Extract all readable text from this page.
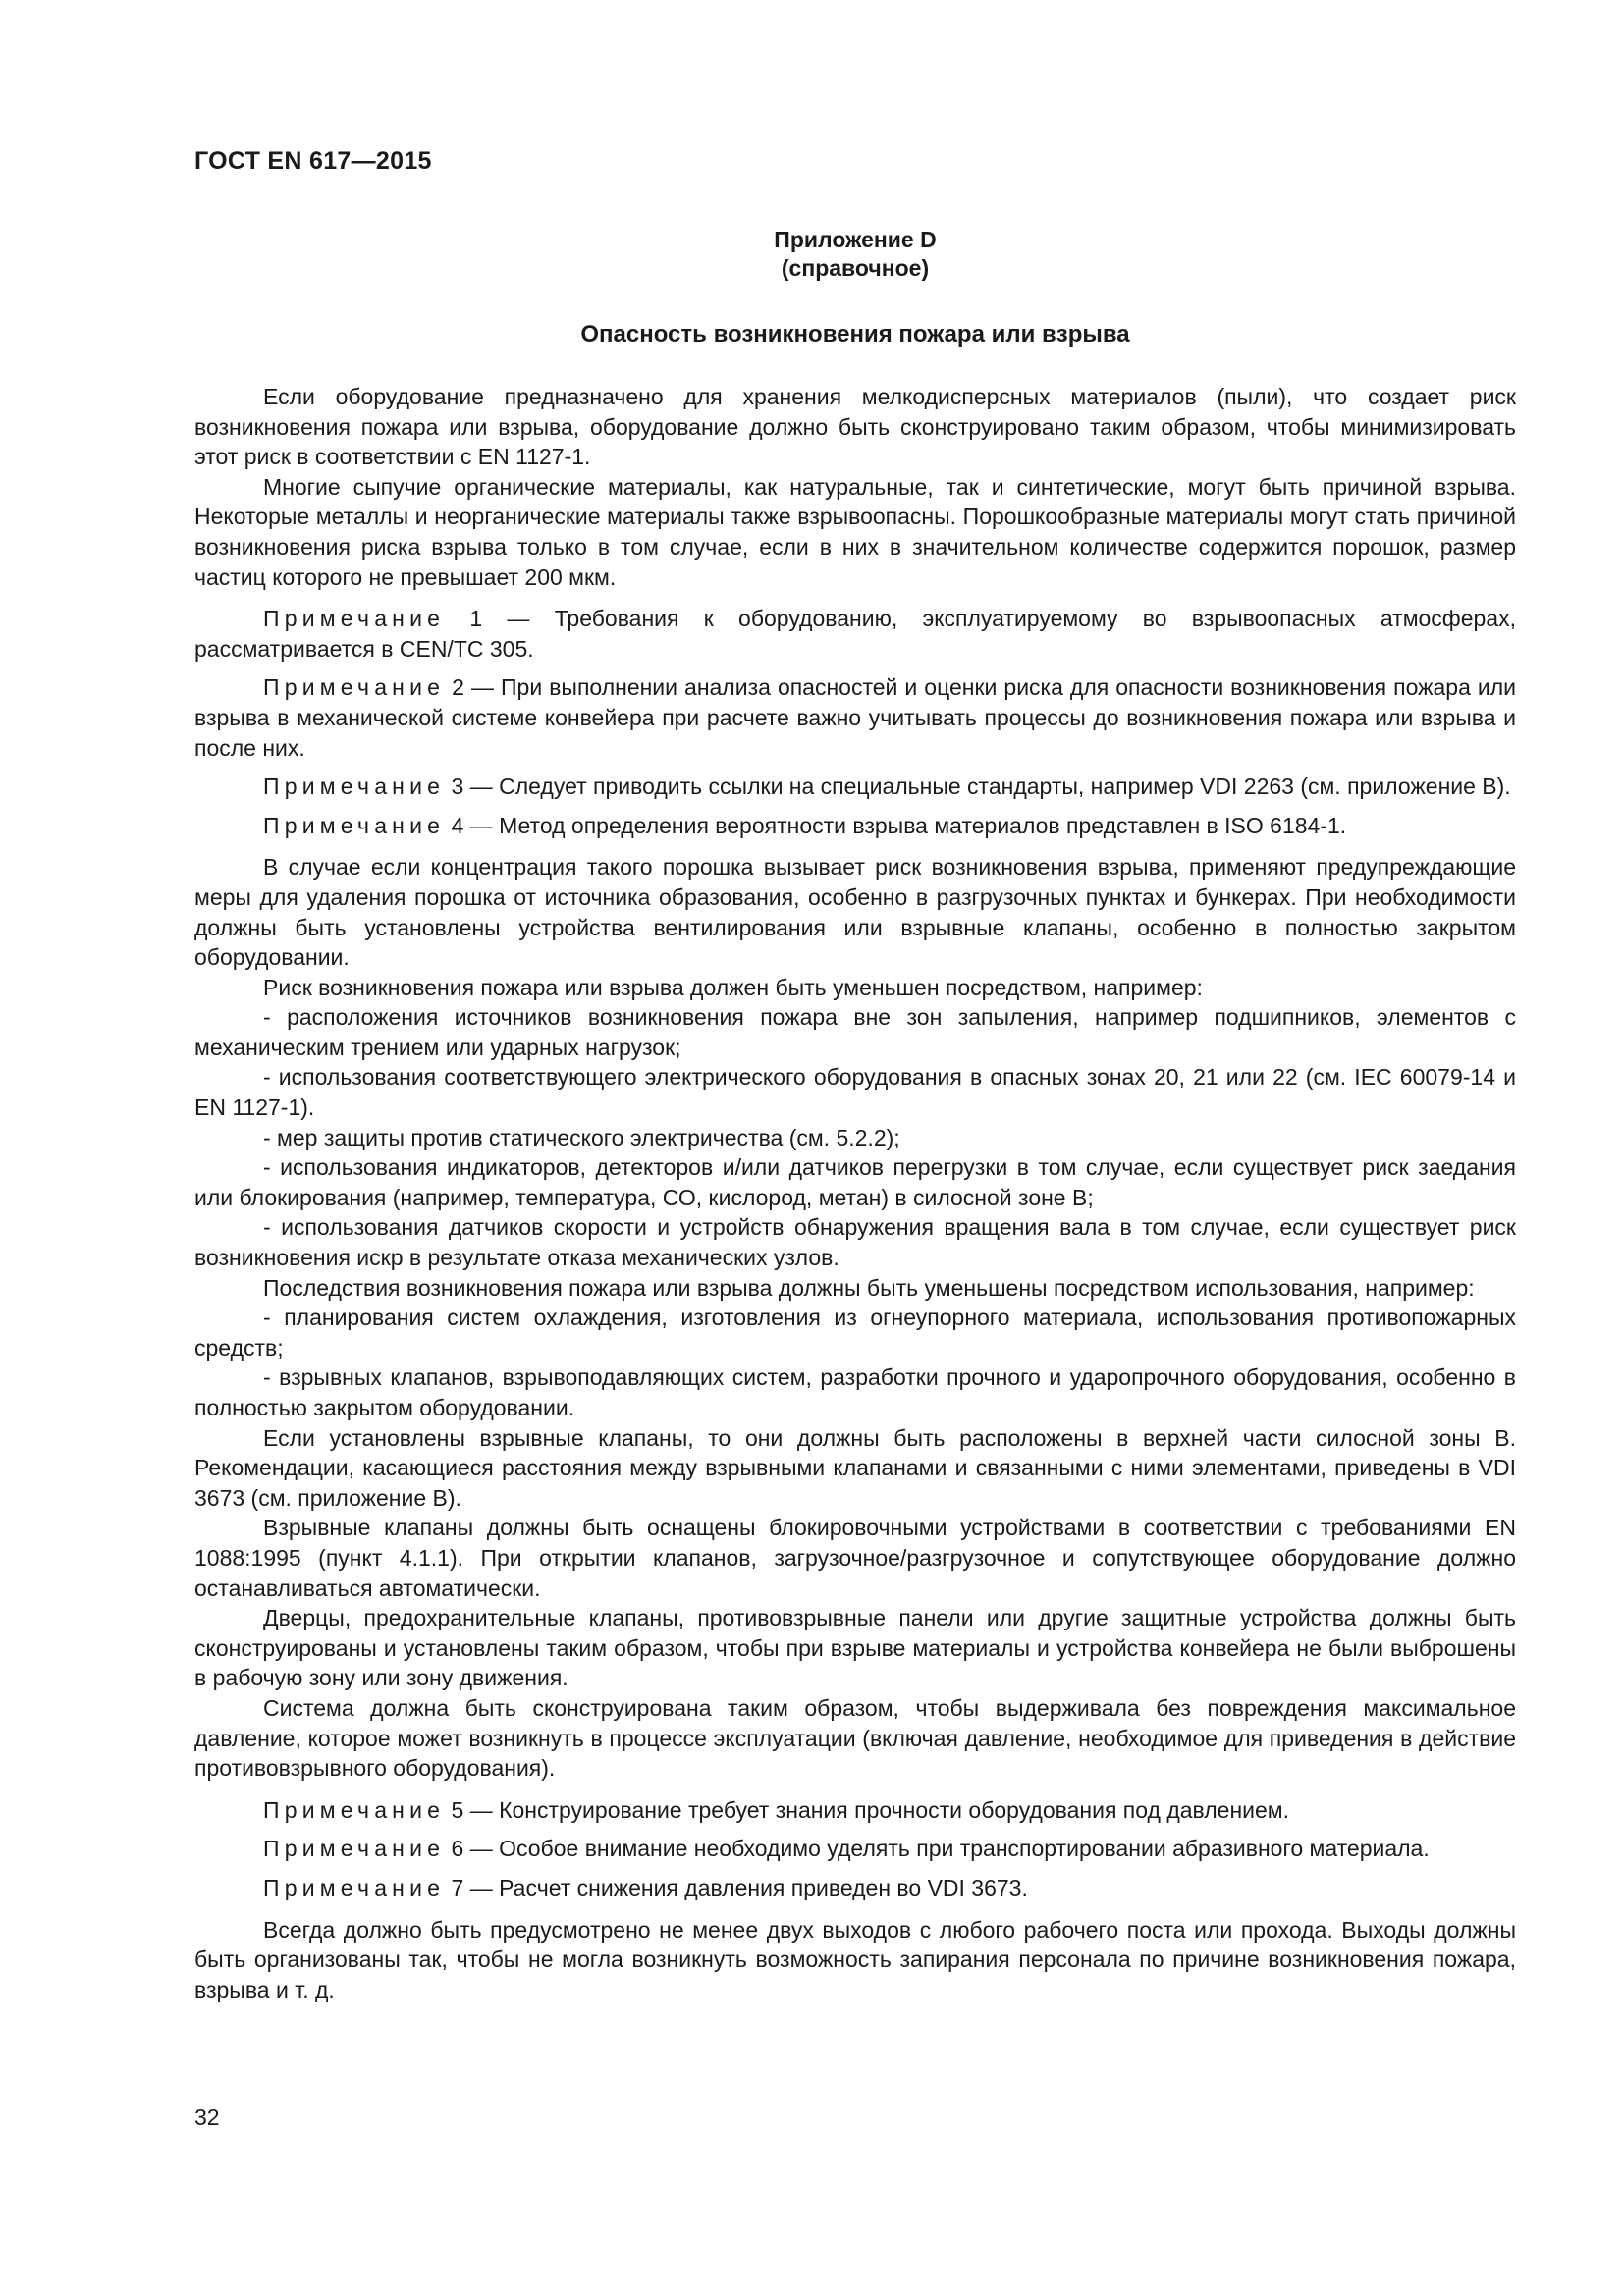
ГОСТ EN 617—2015
Приложение D
(справочное)
Опасность возникновения пожара или взрыва

Если оборудование предназначено для хранения мелкодисперсных материалов (пыли), что создает риск возникновения пожара или взрыва, оборудование должно быть сконструировано таким образом, чтобы минимизировать этот риск в соответствии с EN 1127-1.

Многие сыпучие органические материалы, как натуральные, так и синтетические, могут быть причиной взрыва. Некоторые металлы и неорганические материалы также взрывоопасны. Порошкообразные материалы могут стать причиной возникновения риска взрыва только в том случае, если в них в значительном количестве содержится порошок, размер частиц которого не превышает 200 мкм.

Примечание 1 — Требования к оборудованию, эксплуатируемому во взрывоопасных атмосферах, рассматривается в CEN/TC 305.

Примечание 2 — При выполнении анализа опасностей и оценки риска для опасности возникновения пожара или взрыва в механической системе конвейера при расчете важно учитывать процессы до возникновения пожара или взрыва и после них.

Примечание 3 — Следует приводить ссылки на специальные стандарты, например VDI 2263 (см. приложение В).

Примечание 4 — Метод определения вероятности взрыва материалов представлен в ISO 6184-1.

В случае если концентрация такого порошка вызывает риск возникновения взрыва, применяют предупреждающие меры для удаления порошка от источника образования, особенно в разгрузочных пунктах и бункерах. При необходимости должны быть установлены устройства вентилирования или взрывные клапаны, особенно в полностью закрытом оборудовании.

Риск возникновения пожара или взрыва должен быть уменьшен посредством, например:

- расположения источников возникновения пожара вне зон запыления, например подшипников, элементов с механическим трением или ударных нагрузок;

- использования соответствующего электрического оборудования в опасных зонах 20, 21 или 22 (см. IEC 60079-14 и EN 1127-1).

- мер защиты против статического электричества (см. 5.2.2);

- использования индикаторов, детекторов и/или датчиков перегрузки в том случае, если существует риск заедания или блокирования (например, температура, СО, кислород, метан) в силосной зоне В;

- использования датчиков скорости и устройств обнаружения вращения вала в том случае, если существует риск возникновения искр в результате отказа механических узлов.

Последствия возникновения пожара или взрыва должны быть уменьшены посредством использования, например:

- планирования систем охлаждения, изготовления из огнеупорного материала, использования противопожарных средств;

- взрывных клапанов, взрывоподавляющих систем, разработки прочного и ударопрочного оборудования, особенно в полностью закрытом оборудовании.

Если установлены взрывные клапаны, то они должны быть расположены в верхней части силосной зоны В. Рекомендации, касающиеся расстояния между взрывными клапанами и связанными с ними элементами, приведены в VDI 3673 (см. приложение В).

Взрывные клапаны должны быть оснащены блокировочными устройствами в соответствии с требованиями EN 1088:1995 (пункт 4.1.1). При открытии клапанов, загрузочное/разгрузочное и сопутствующее оборудование должно останавливаться автоматически.

Дверцы, предохранительные клапаны, противовзрывные панели или другие защитные устройства должны быть сконструированы и установлены таким образом, чтобы при взрыве материалы и устройства конвейера не были выброшены в рабочую зону или зону движения.

Система должна быть сконструирована таким образом, чтобы выдерживала без повреждения максимальное давление, которое может возникнуть в процессе эксплуатации (включая давление, необходимое для приведения в действие противовзрывного оборудования).

Примечание 5 — Конструирование требует знания прочности оборудования под давлением.

Примечание 6 — Особое внимание необходимо уделять при транспортировании абразивного материала.

Примечание 7 — Расчет снижения давления приведен во VDI 3673.

Всегда должно быть предусмотрено не менее двух выходов с любого рабочего поста или прохода. Выходы должны быть организованы так, чтобы не могла возникнуть возможность запирания персонала по причине возникновения пожара, взрыва и т. д.

32
